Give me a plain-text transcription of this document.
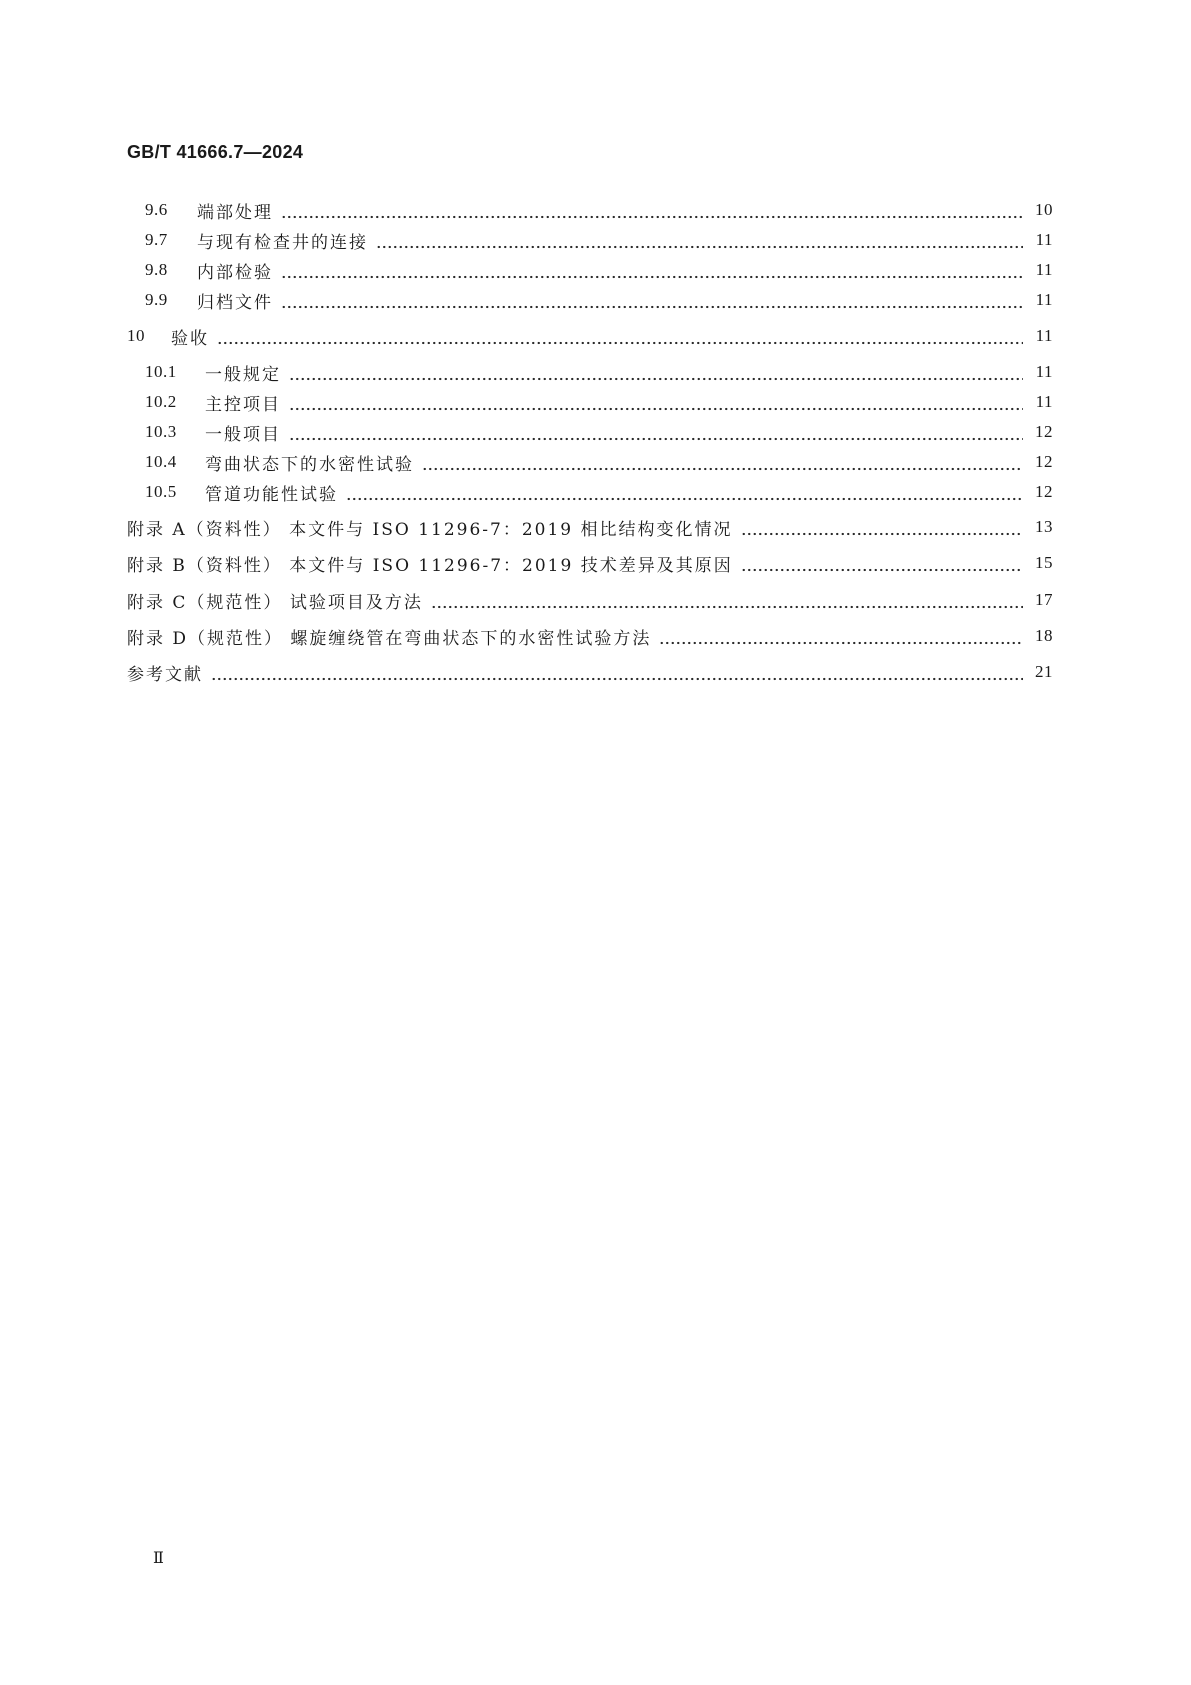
GB/T 41666.7—2024
9.6	端部处理	10
9.7	与现有检查井的连接	11
9.8	内部检验	11
9.9	归档文件	11
10	验收	11
10.1	一般规定	11
10.2	主控项目	11
10.3	一般项目	12
10.4	弯曲状态下的水密性试验	12
10.5	管道功能性试验	12
附录 A（资料性） 本文件与 ISO 11296-7：2019 相比结构变化情况	13
附录 B（资料性） 本文件与 ISO 11296-7：2019 技术差异及其原因	15
附录 C（规范性） 试验项目及方法	17
附录 D（规范性） 螺旋缠绕管在弯曲状态下的水密性试验方法	18
参考文献	21
Ⅱ
